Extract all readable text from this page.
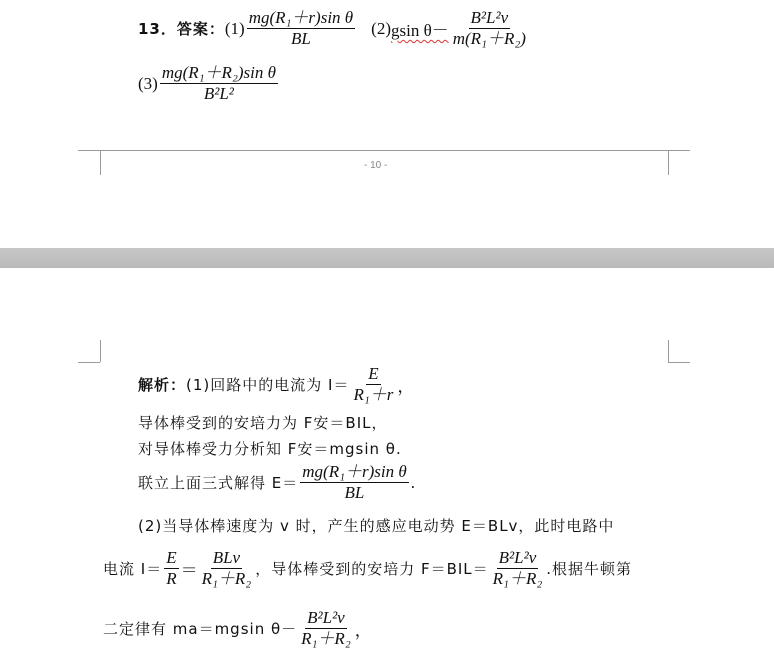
- 10 -
13．答案： $(1) \frac{\text{mg(R₁＋r)sin θ}}{BL} (2)$ gsin $\theta- \frac{\text{B²L²v}}{\text{m(R₁＋R₂)}}$
$(3) \frac{\text{mg(R₁＋R₂)sin θ}}{\text{B²L²}}$
解析： (1)回路中的电流为 $I= \frac{E}{\text{R₁＋r}}$ ，
导体棒受到的安培力为 F安＝BIL，
对导体棒受力分析知 F安＝mgsin θ.
联立上面三式解得 $E= \frac{\text{mg(R₁＋r)sin θ}}{BL}$ .
(2)当导体棒速度为 v 时，产生的感应电动势 E＝BLv，此时电路中
电流 $I= \frac{E}{R} = \frac{\text{BLv}}{\text{R₁＋R₂}}$ ，导体棒受到的安培力 $F=BIL= \frac{\text{B²L²v}}{\text{R₁＋R₂}}$ .根据牛顿第
二定律有 ma＝mgsin $\theta- \frac{\text{B²L²v}}{\text{R₁＋R₂}}$ ，
